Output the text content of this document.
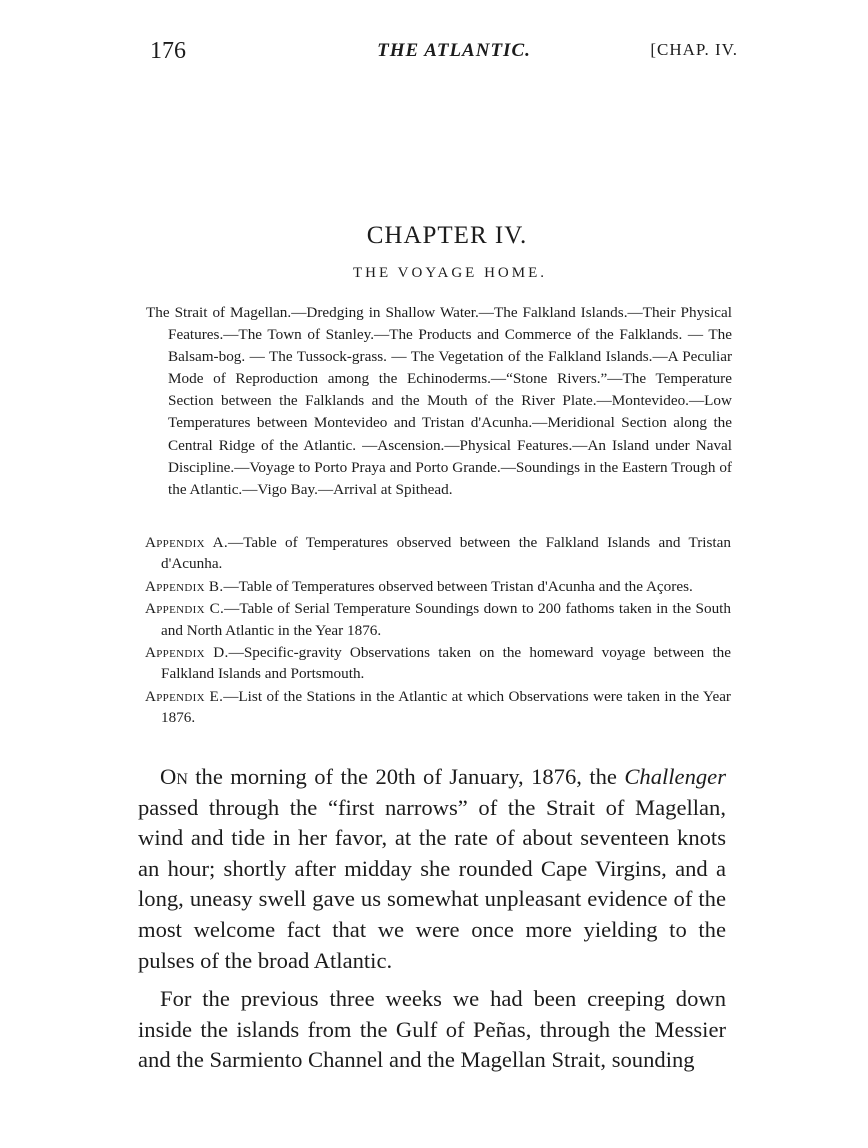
176	THE ATLANTIC.	[CHAP. IV.
CHAPTER IV.
THE VOYAGE HOME.

The Strait of Magellan.—Dredging in Shallow Water.—The Falkland Islands.—Their Physical Features.—The Town of Stanley.—The Products and Commerce of the Falklands. — The Balsam-bog. — The Tussock-grass. — The Vegetation of the Falkland Islands.—A Peculiar Mode of Reproduction among the Echinoderms.—“Stone Rivers.”—The Temperature Section between the Falklands and the Mouth of the River Plate.—Montevideo.—Low Temperatures between Montevideo and Tristan d'Acunha.—Meridional Section along the Central Ridge of the Atlantic. —Ascension.—Physical Features.—An Island under Naval Discipline.—Voyage to Porto Praya and Porto Grande.—Soundings in the Eastern Trough of the Atlantic.—Vigo Bay.—Arrival at Spithead.

Appendix A.—Table of Temperatures observed between the Falkland Islands and Tristan d'Acunha.
Appendix B.—Table of Temperatures observed between Tristan d'Acunha and the Açores.
Appendix C.—Table of Serial Temperature Soundings down to 200 fathoms taken in the South and North Atlantic in the Year 1876.
Appendix D.—Specific-gravity Observations taken on the homeward voyage between the Falkland Islands and Portsmouth.
Appendix E.—List of the Stations in the Atlantic at which Observations were taken in the Year 1876.

On the morning of the 20th of January, 1876, the Challenger passed through the “first narrows” of the Strait of Magellan, wind and tide in her favor, at the rate of about seventeen knots an hour; shortly after midday she rounded Cape Virgins, and a long, uneasy swell gave us somewhat unpleasant evidence of the most welcome fact that we were once more yielding to the pulses of the broad Atlantic.

For the previous three weeks we had been creeping down inside the islands from the Gulf of Peñas, through the Messier and the Sarmiento Channel and the Magellan Strait, sounding
